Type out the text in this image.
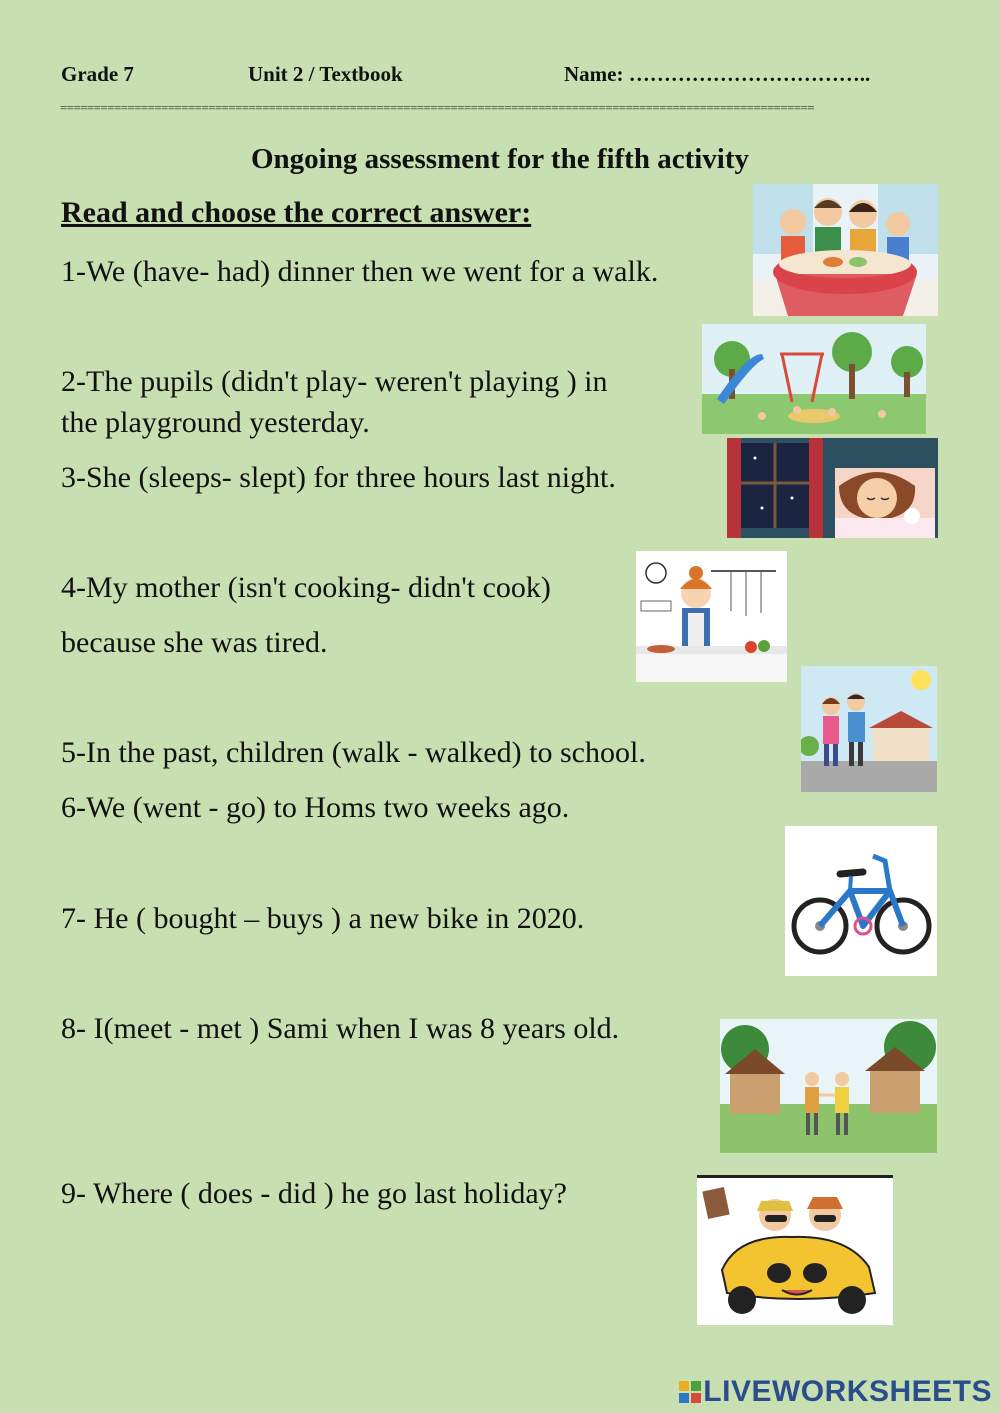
Grade 7	Unit 2 / Textbook	Name: ……………………………..
================================================================================================================
Ongoing assessment for the fifth activity
Read and choose the correct answer:
1-We (have- had) dinner then we went for a walk.
2-The pupils (didn't play- weren't playing ) in
the playground yesterday.
3-She (sleeps- slept) for three hours last night.
4-My mother (isn't cooking- didn't cook)
because she was tired.
5-In the past, children (walk - walked) to school.
6-We (went - go) to Homs two weeks ago.
7- He ( bought – buys ) a new bike in 2020.
8- I(meet - met ) Sami when I was 8 years old.
9- Where ( does - did ) he go last holiday?
LIVEWORKSHEETS
